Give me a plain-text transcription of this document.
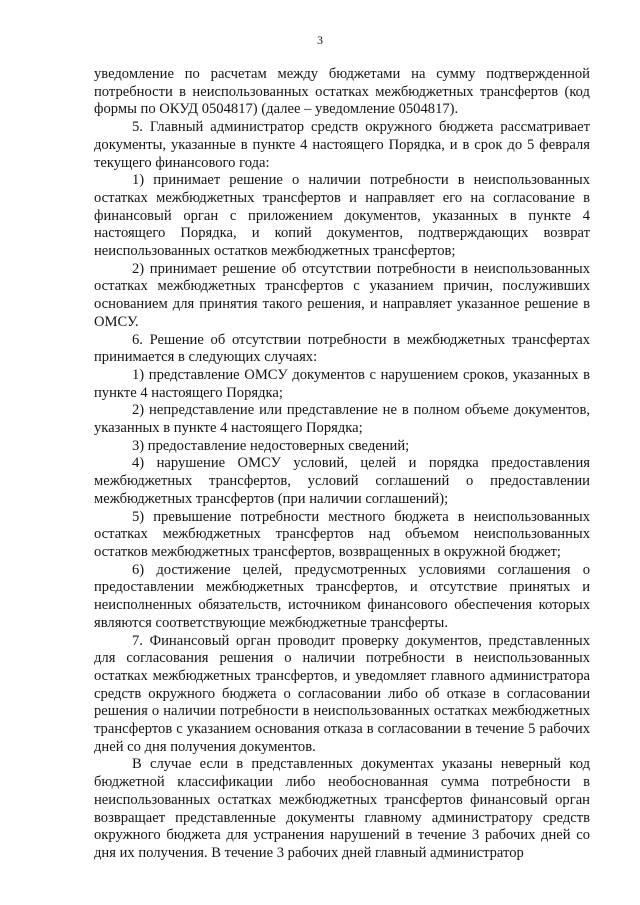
3

уведомление по расчетам между бюджетами на сумму подтвержденной потребности в неиспользованных остатках межбюджетных трансфертов (код формы по ОКУД 0504817) (далее – уведомление 0504817).

5. Главный администратор средств окружного бюджета рассматривает документы, указанные в пункте 4 настоящего Порядка, и в срок до 5 февраля текущего финансового года:

1) принимает решение о наличии потребности в неиспользованных остатках межбюджетных трансфертов и направляет его на согласование в финансовый орган с приложением документов, указанных в пункте 4 настоящего Порядка, и копий документов, подтверждающих возврат неиспользованных остатков межбюджетных трансфертов;

2) принимает решение об отсутствии потребности в неиспользованных остатках межбюджетных трансфертов с указанием причин, послуживших основанием для принятия такого решения, и направляет указанное решение в ОМСУ.

6. Решение об отсутствии потребности в межбюджетных трансфертах принимается в следующих случаях:

1) представление ОМСУ документов с нарушением сроков, указанных в пункте 4 настоящего Порядка;

2) непредставление или представление не в полном объеме документов, указанных в пункте 4 настоящего Порядка;

3) предоставление недостоверных сведений;

4) нарушение ОМСУ условий, целей и порядка предоставления межбюджетных трансфертов, условий соглашений о предоставлении межбюджетных трансфертов (при наличии соглашений);

5) превышение потребности местного бюджета в неиспользованных остатках межбюджетных трансфертов над объемом неиспользованных остатков межбюджетных трансфертов, возвращенных в окружной бюджет;

6) достижение целей, предусмотренных условиями соглашения о предоставлении межбюджетных трансфертов, и отсутствие принятых и неисполненных обязательств, источником финансового обеспечения которых являются соответствующие межбюджетные трансферты.

7. Финансовый орган проводит проверку документов, представленных для согласования решения о наличии потребности в неиспользованных остатках межбюджетных трансфертов, и уведомляет главного администратора средств окружного бюджета о согласовании либо об отказе в согласовании решения о наличии потребности в неиспользованных остатках межбюджетных трансфертов с указанием основания отказа в согласовании в течение 5 рабочих дней со дня получения документов.

В случае если в представленных документах указаны неверный код бюджетной классификации либо необоснованная сумма потребности в неиспользованных остатках межбюджетных трансфертов финансовый орган возвращает представленные документы главному администратору средств окружного бюджета для устранения нарушений в течение 3 рабочих дней со дня их получения. В течение 3 рабочих дней главный администратор
